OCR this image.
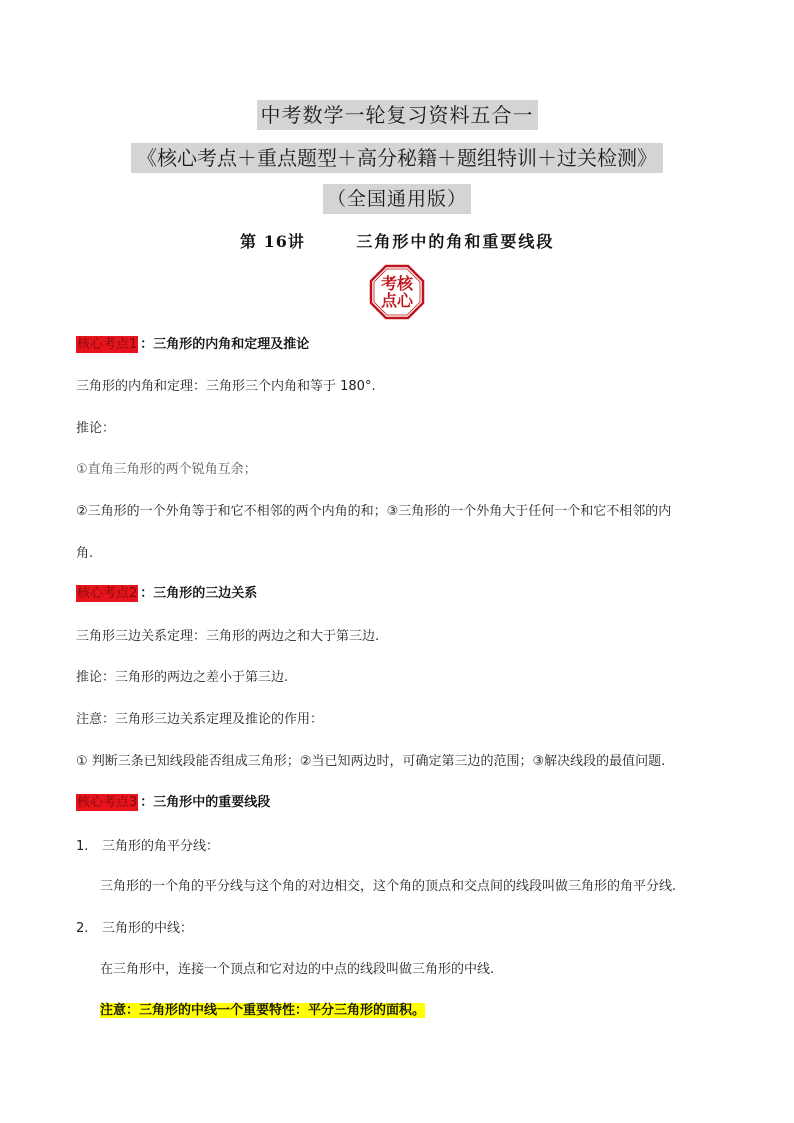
中考数学一轮复习资料五合一
《核心考点＋重点题型＋高分秘籍＋题组特训＋过关检测》
（全国通用版）
第 16讲	三角形中的角和重要线段
考核
点心
核心考点1 ：三角形的内角和定理及推论
三角形的内角和定理：三角形三个内角和等于 180°.
推论：
①直角三角形的两个锐角互余；
②三角形的一个外角等于和它不相邻的两个内角的和；③三角形的一个外角大于任何一个和它不相邻的内
角.
核心考点2 ：三角形的三边关系
三角形三边关系定理：三角形的两边之和大于第三边.
推论：三角形的两边之差小于第三边.
注意：三角形三边关系定理及推论的作用：
① 判断三条已知线段能否组成三角形；②当已知两边时，可确定第三边的范围；③解决线段的最值问题.
核心考点3 ：三角形中的重要线段
1. 三角形的角平分线：
三角形的一个角的平分线与这个角的对边相交，这个角的顶点和交点间的线段叫做三角形的角平分线.
2. 三角形的中线：
在三角形中，连接一个顶点和它对边的中点的线段叫做三角形的中线.
注意：三角形的中线一个重要特性：平分三角形的面积。
